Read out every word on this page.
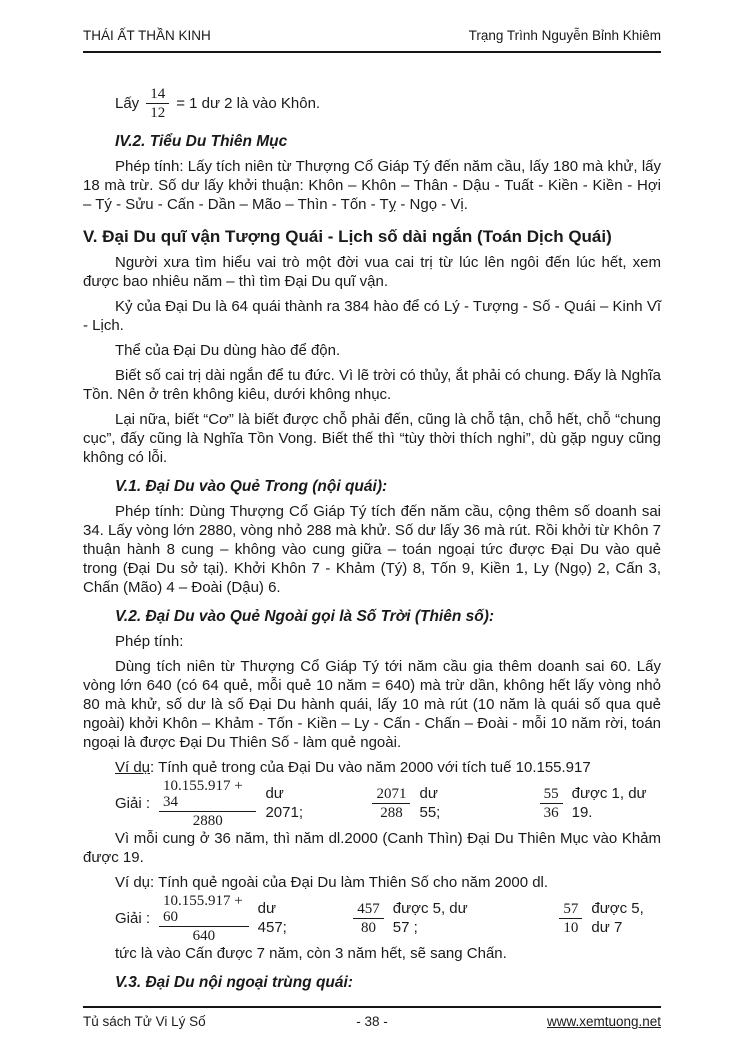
THÁI ẤT THẦN KINH	Trạng Trình Nguyễn Bỉnh Khiêm
Lấy $\frac{14}{12} = 1$ dư 2 là vào Khôn.
IV.2. Tiểu Du Thiên Mục

Phép tính: Lấy tích niên từ Thượng Cổ Giáp Tý đến năm cầu, lấy 180 mà khử, lấy 18 mà trừ. Số dư lấy khởi thuận: Khôn – Khôn – Thân - Dậu - Tuất - Kiền - Kiền - Hợi – Tý - Sửu - Cấn - Dần – Mão – Thìn - Tốn - Tỵ - Ngọ - Vị.

V. Đại Du quĩ vận Tượng Quái - Lịch số dài ngắn (Toán Dịch Quái)

Người xưa tìm hiểu vai trò một đời vua cai trị từ lúc lên ngôi đến lúc hết, xem được bao nhiêu năm – thì tìm Đại Du quĩ vận.

Kỷ của Đại Du là 64 quái thành ra 384 hào để có Lý - Tượng - Số - Quái – Kinh Vĩ - Lịch.

Thể của Đại Du dùng hào để độn.

Biết số cai trị dài ngắn để tu đức. Vì lẽ trời có thủy, ắt phải có chung. Đấy là Nghĩa Tồn. Nên ở trên không kiêu, dưới không nhục.

Lại nữa, biết “Cơ” là biết được chỗ phải đến, cũng là chỗ tận, chỗ hết, chỗ “chung cục”, đấy cũng là Nghĩa Tồn Vong. Biết thế thì “tùy thời thích nghi”, dù gặp nguy cũng không có lỗi.

V.1. Đại Du vào Quẻ Trong (nội quái):

Phép tính: Dùng Thượng Cổ Giáp Tý tích đến năm cầu, cộng thêm số doanh sai 34. Lấy vòng lớn 2880, vòng nhỏ 288 mà khử. Số dư lấy 36 mà rút. Rồi khởi từ Khôn 7 thuận hành 8 cung – không vào cung giữa – toán ngoại tức được Đại Du vào quẻ trong (Đại Du sở tại). Khởi Khôn 7 - Khảm (Tý) 8, Tốn 9, Kiền 1, Ly (Ngọ) 2, Cấn 3, Chấn (Mão) 4 – Đoài (Dậu) 6.

V.2. Đại Du vào Quẻ Ngoài gọi là Số Trời (Thiên số):

Phép tính:

Dùng tích niên từ Thượng Cổ Giáp Tý tới năm cầu gia thêm doanh sai 60. Lấy vòng lớn 640 (có 64 quẻ, mỗi quẻ 10 năm = 640) mà trừ dần, không hết lấy vòng nhỏ 80 mà khử, số dư là số Đại Du hành quái, lấy 10 mà rút (10 năm là quái số qua quẻ ngoài) khởi Khôn – Khảm - Tốn - Kiền – Ly - Cấn - Chấn – Đoài - mỗi 10 năm rời, toán ngoại là được Đại Du Thiên Số - làm quẻ ngoài.

Ví dụ: Tính quẻ trong của Đại Du vào năm 2000 với tích tuế 10.155.917

Giải : $\frac{10.155.917 + 34}{2880}$ dư 2071;	$\frac{2071}{288}$ dư 55;	$\frac{55}{36}$ được 1, dư 19.

Vì mỗi cung ở 36 năm, thì năm dl.2000 (Canh Thìn) Đại Du Thiên Mục vào Khảm được 19.

Ví dụ: Tính quẻ ngoài của Đại Du làm Thiên Số cho năm 2000 dl.

Giải : $\frac{10.155.917 + 60}{640}$ dư 457;	$\frac{457}{80}$ được 5, dư 57 ;	$\frac{57}{10}$ được 5, dư 7

tức là vào Cấn được 7 năm, còn 3 năm hết, sẽ sang Chấn.

V.3. Đại Du nội ngoại trùng quái:
Tủ sách Tử Vi Lý Số	- 38 -	www.xemtuong.net
